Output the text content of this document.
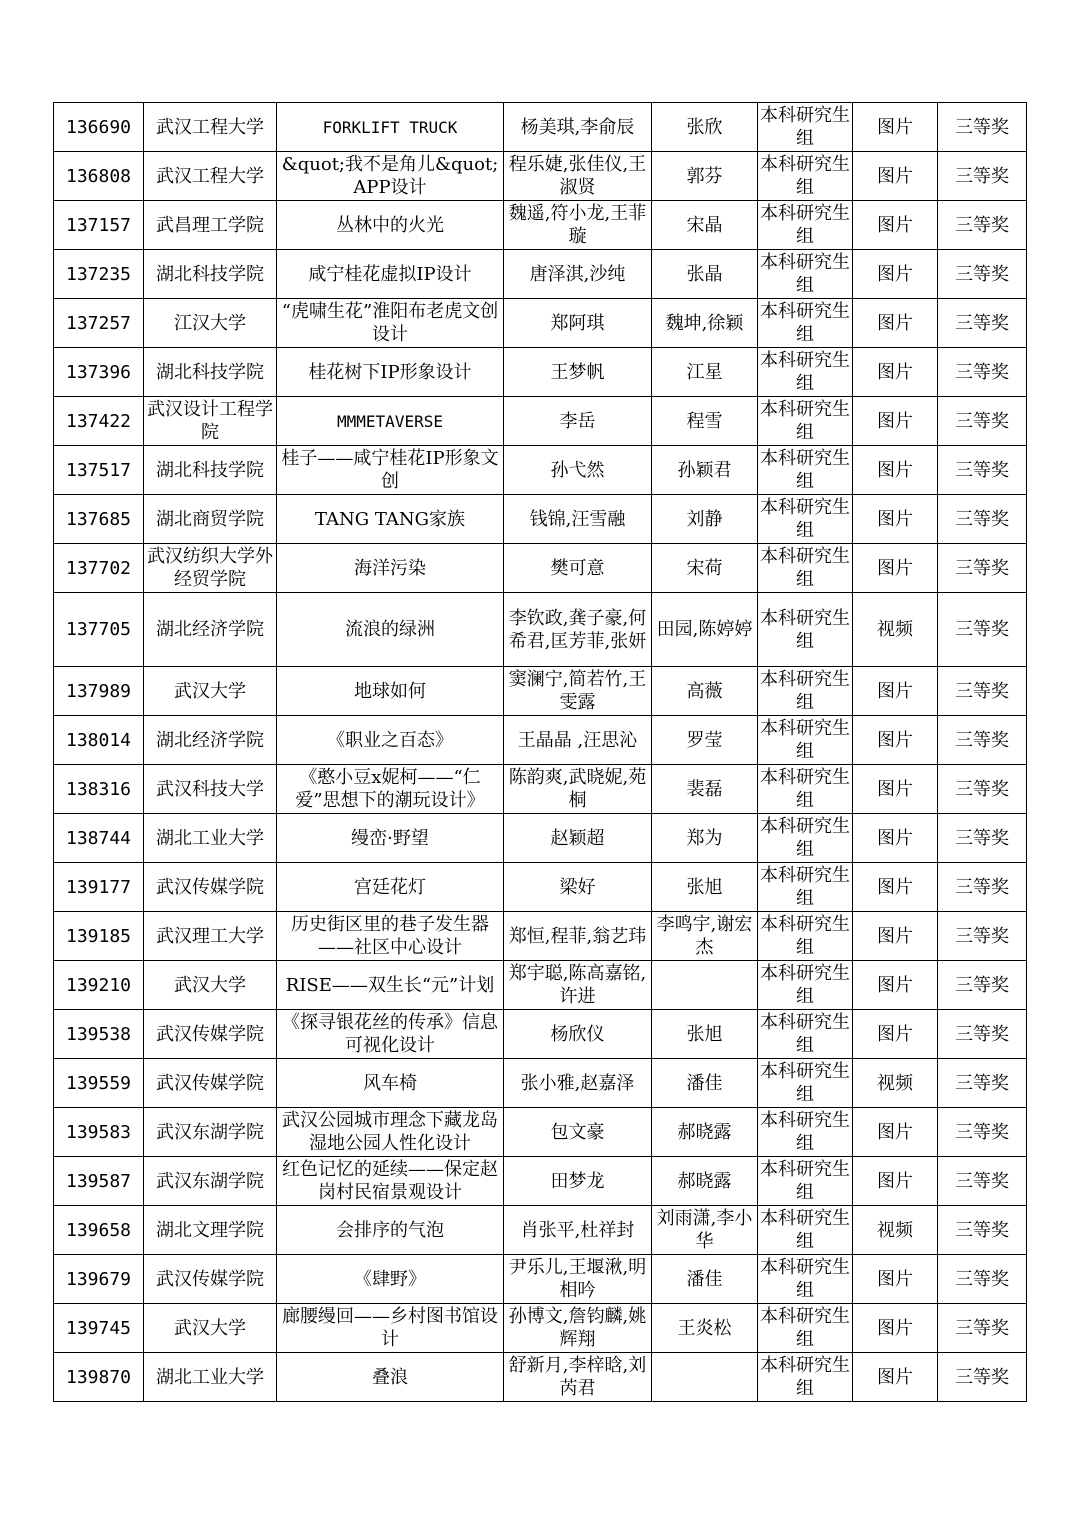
136690	武汉工程大学	FORKLIFT TRUCK	杨美琪,李俞辰	张欣	本科研究生组	图片	三等奖
136808	武汉工程大学	&quot;我不是角儿&quot;APP设计	程乐婕,张佳仪,王淑贤	郭芬	本科研究生组	图片	三等奖
137157	武昌理工学院	丛林中的火光	魏遥,符小龙,王菲璇	宋晶	本科研究生组	图片	三等奖
137235	湖北科技学院	咸宁桂花虚拟IP设计	唐泽淇,沙纯	张晶	本科研究生组	图片	三等奖
137257	江汉大学	“虎啸生花”淮阳布老虎文创设计	郑阿琪	魏坤,徐颖	本科研究生组	图片	三等奖
137396	湖北科技学院	桂花树下IP形象设计	王梦帆	江星	本科研究生组	图片	三等奖
137422	武汉设计工程学院	MMMETAVERSE	李岳	程雪	本科研究生组	图片	三等奖
137517	湖北科技学院	桂子——咸宁桂花IP形象文创	孙弋然	孙颖君	本科研究生组	图片	三等奖
137685	湖北商贸学院	TANG TANG家族	钱锦,汪雪融	刘静	本科研究生组	图片	三等奖
137702	武汉纺织大学外经贸学院	海洋污染	樊可意	宋荷	本科研究生组	图片	三等奖
137705	湖北经济学院	流浪的绿洲	李钦政,龚子豪,何希君,匡芳菲,张妍	田园,陈婷婷	本科研究生组	视频	三等奖
137989	武汉大学	地球如何	窦澜宁,简若竹,王雯露	高薇	本科研究生组	图片	三等奖
138014	湖北经济学院	《职业之百态》	王晶晶 ,汪思沁	罗莹	本科研究生组	图片	三等奖
138316	武汉科技大学	《憨小豆x妮柯——“仁爱”思想下的潮玩设计》	陈韵爽,武晓妮,苑桐	裴磊	本科研究生组	图片	三等奖
138744	湖北工业大学	缦峦·野望	赵颖超	郑为	本科研究生组	图片	三等奖
139177	武汉传媒学院	宫廷花灯	梁好	张旭	本科研究生组	图片	三等奖
139185	武汉理工大学	历史街区里的巷子发生器——社区中心设计	郑恒,程菲,翁艺玮	李鸣宇,谢宏杰	本科研究生组	图片	三等奖
139210	武汉大学	RISE——双生长“元”计划	郑宇聪,陈高嘉铭,许进		本科研究生组	图片	三等奖
139538	武汉传媒学院	《探寻银花丝的传承》信息可视化设计	杨欣仪	张旭	本科研究生组	图片	三等奖
139559	武汉传媒学院	风车椅	张小雅,赵嘉泽	潘佳	本科研究生组	视频	三等奖
139583	武汉东湖学院	武汉公园城市理念下藏龙岛湿地公园人性化设计	包文豪	郝晓露	本科研究生组	图片	三等奖
139587	武汉东湖学院	红色记忆的延续——保定赵岗村民宿景观设计	田梦龙	郝晓露	本科研究生组	图片	三等奖
139658	湖北文理学院	会排序的气泡	肖张平,杜祥封	刘雨潇,李小华	本科研究生组	视频	三等奖
139679	武汉传媒学院	《肆野》	尹乐儿,王堰湫,明相吟	潘佳	本科研究生组	图片	三等奖
139745	武汉大学	廊腰缦回——乡村图书馆设计	孙博文,詹钧麟,姚辉翔	王炎松	本科研究生组	图片	三等奖
139870	湖北工业大学	叠浪	舒新月,李梓晗,刘芮君		本科研究生组	图片	三等奖
